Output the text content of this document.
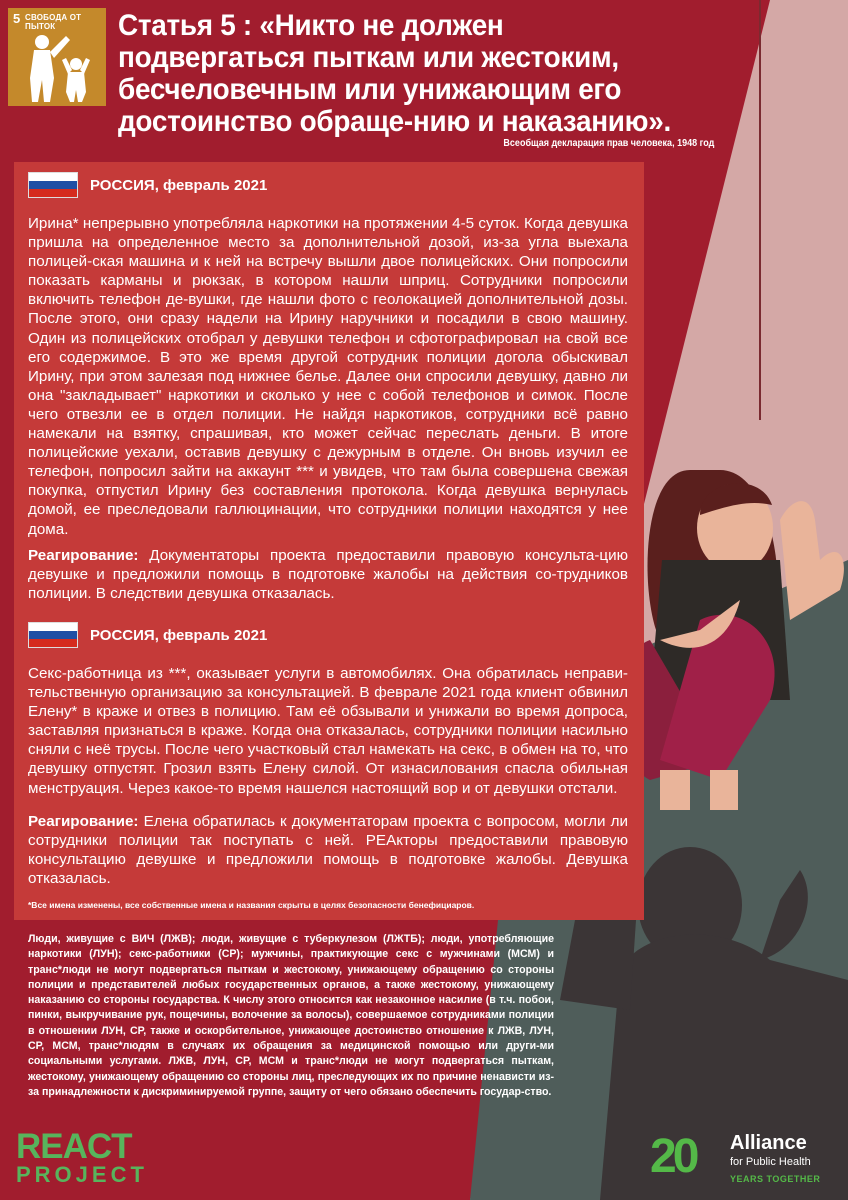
5 СВОБОДА ОТ ПЫТОК	Статья 5 : «Никто не должен подвергаться пыткам или жестоким, бесчеловечным или унижающим его достоинство обраще-нию и наказанию».
Всеобщая декларация прав человека, 1948 год
РОССИЯ, февраль 2021

Ирина* непрерывно употребляла наркотики на протяжении 4-5 суток. Когда девушка пришла на определенное место за дополнительной дозой, из-за угла выехала полицей-ская машина и к ней на встречу вышли двое полицейских. Они попросили показать карманы и рюкзак, в котором нашли шприц. Сотрудники попросили включить телефон де-вушки, где нашли фото с геолокацией дополнительной дозы. После этого, они сразу надели на Ирину наручники и посадили в свою машину. Один из полицейских отобрал у девушки телефон и сфотографировал на свой все его содержимое. В это же время другой сотрудник полиции догола обыскивал Ирину, при этом залезая под нижнее белье. Далее они спросили девушку, давно ли она "закладывает" наркотики и сколько у нее с собой телефонов и симок. После чего отвезли ее в отдел полиции. Не найдя наркотиков, сотрудники всё равно намекали на взятку, спрашивая, кто может сейчас переслать деньги. В итоге полицейские уехали, оставив девушку с дежурным в отделе. Он вновь изучил ее телефон, попросил зайти на аккаунт *** и увидев, что там была совершена свежая покупка, отпустил Ирину без составления протокола. Когда девушка вернулась домой, ее преследовали галлюцинации, что сотрудники полиции находятся у нее дома.

Реагирование: Документаторы проекта предоставили правовую консульта-цию девушке и предложили помощь в подготовке жалобы на действия со-трудников полиции. В следствии девушка отказалась.

РОССИЯ, февраль 2021

Секс-работница из ***, оказывает услуги в автомобилях. Она обратилась неправи-тельственную организацию за консультацией. В феврале 2021 года клиент обвинил Елену* в краже и отвез в полицию. Там её обзывали и унижали во время допроса, заставляя признаться в краже. Когда она отказалась, сотрудники полиции насильно сняли с неё трусы. После чего участковый стал намекать на секс, в обмен на то, что девушку отпустят. Грозил взять Елену силой. От изнасилования спасла обильная менструация. Через какое-то время нашелся настоящий вор и от девушки отстали.

Реагирование: Елена обратилась к документаторам проекта с вопросом, могли ли сотрудники полиции так поступать с ней. РЕАкторы предоставили правовую консультацию девушке и предложили помощь в подготовке жалобы. Девушка отказалась.

*Все имена изменены, все собственные имена и названия скрыты в целях безопасности бенефициаров.

Люди, живущие с ВИЧ (ЛЖВ); люди, живущие с туберкулезом (ЛЖТБ); люди, употребляющие наркотики (ЛУН); секс-работники (СР); мужчины, практикующие секс с мужчинами (МСМ) и транс*люди не могут подвергаться пыткам и жестокому, унижающему обращению со стороны полиции и представителей любых государственных органов, а также жестокому, унижающему наказанию со стороны государства. К числу этого относится как незаконное насилие (в т.ч. побои, пинки, выкручивание рук, пощечины, волочение за волосы), совершаемое сотрудниками полиции в отношении ЛУН, СР, также и оскорбительное, унижающее достоинство отношение к ЛЖВ, ЛУН, СР, МСМ, транс*людям в случаях их обращения за медицинской помощью или други-ми социальными услугами. ЛЖВ, ЛУН, СР, МСМ и транс*люди не могут подвергаться пыткам, жестокому, унижающему обращению со стороны лиц, преследующих их по причине ненависти из-за принадлежности к дискриминируемой группе, защиту от чего обязано обеспечить государ-ство.

REACT
PROJECT	20 Alliance
for Public Health
YEARS TOGETHER
